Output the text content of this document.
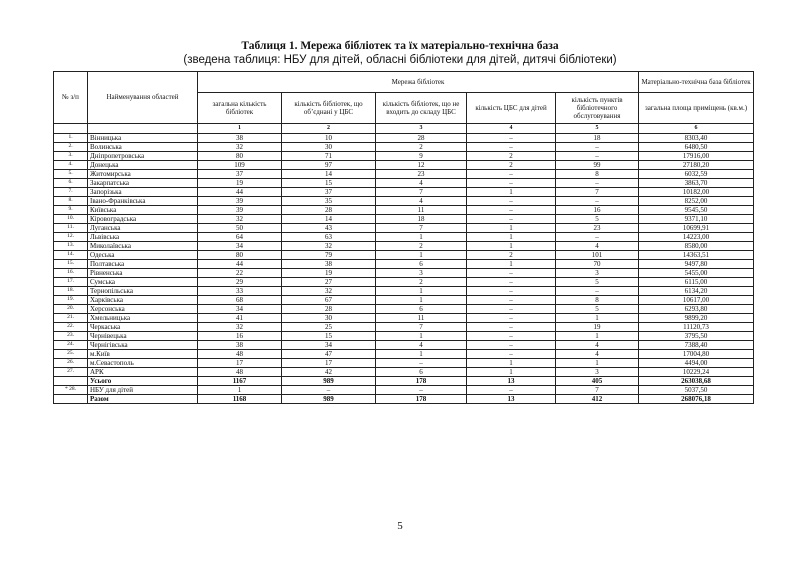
Таблиця 1. Мережа бібліотек та їх матеріально-технічна база
(зведена таблиця: НБУ для дітей, обласні бібліотеки для дітей, дитячі бібліотеки)
№ з/п	Найменування областей	Мережа бібліотек					Матеріально-технічна база бібліотек
		загальна кількість бібліотек	кількість бібліотек, що об’єднані у ЦБС	кількість бібліотек, що не входить до складу ЦБС	кількість ЦБС для дітей	кількість пунктів бібліотечного обслуговування	загальна площа приміщень (кв.м.)
		1	2	3	4	5	6
1.	Вінницька	38	10	28	–	18	8303,40
2.	Волинська	32	30	2	–	–	6480,50
3.	Дніпропетровська	80	71	9	2	–	17916,00
4.	Донецька	109	97	12	2	99	27180,20
5.	Житомирська	37	14	23	–	8	6032,59
6.	Закарпатська	19	15	4	–	–	3863,70
7.	Запорізька	44	37	7	1	7	10182,00
8.	Івано-Франківська	39	35	4	–	–	8252,00
9.	Київська	39	28	11	–	16	9545,50
10.	Кіровоградська	32	14	18	–	5	9371,10
11.	Луганська	50	43	7	1	23	10699,91
12.	Львівська	64	63	1	1	–	14223,00
13.	Миколаївська	34	32	2	1	4	8580,00
14.	Одеська	80	79	1	2	101	14363,51
15.	Полтавська	44	38	6	1	70	9497,80
16.	Рівненська	22	19	3	–	3	5455,00
17.	Сумська	29	27	2	–	5	6115,00
18.	Тернопільська	33	32	1	–	–	6134,20
19.	Харківська	68	67	1	–	8	10617,00
20.	Херсонська	34	28	6	–	5	6293,80
21.	Хмельницька	41	30	11	–	1	9899,20
22.	Черкаська	32	25	7	–	19	11120,73
23.	Чернівецька	16	15	1	–	1	3795,50
24.	Чернігівська	38	34	4	–	4	7388,40
25.	м.Київ	48	47	1	–	4	17004,80
26.	м.Севастополь	17	17	–	1	1	4494,00
27.	АРК	48	42	6	1	3	10229,24
	Усього	1167	989	178	13	405	263038,68
* 28.	НБУ для дітей	1	–	–	–	7	5037,50
	Разом	1168	989	178	13	412	268076,18
5
